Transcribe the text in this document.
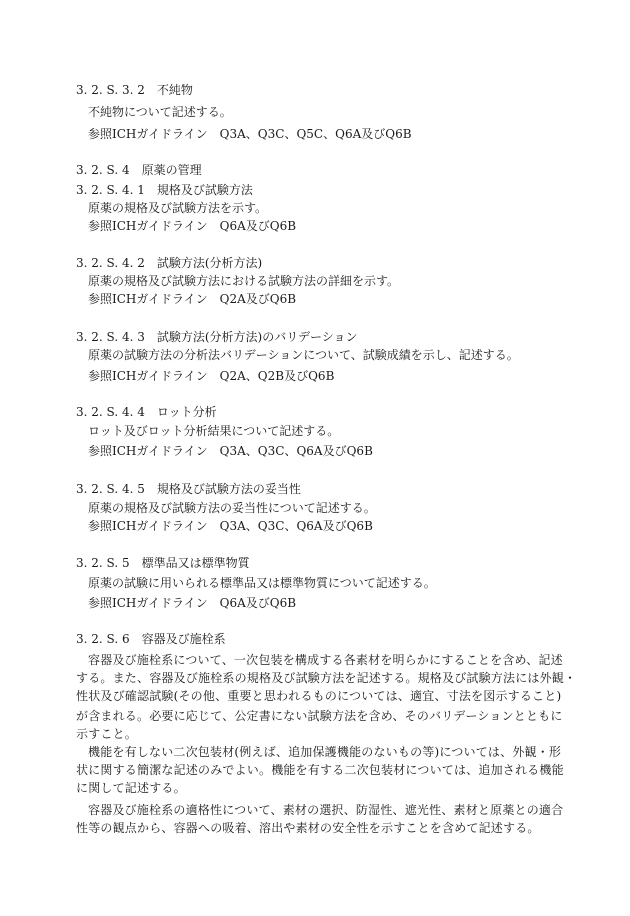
3. 2. S. 3. 2　不純物
不純物について記述する。
参照ICHガイドライン　Q3A、Q3C、Q5C、Q6A及びQ6B
3. 2. S. 4　原薬の管理
3. 2. S. 4. 1　規格及び試験方法
原薬の規格及び試験方法を示す。
参照ICHガイドライン　Q6A及びQ6B
3. 2. S. 4. 2　試験方法(分析方法)
原薬の規格及び試験方法における試験方法の詳細を示す。
参照ICHガイドライン　Q2A及びQ6B
3. 2. S. 4. 3　試験方法(分析方法)のバリデーション
原薬の試験方法の分析法バリデーションについて、試験成績を示し、記述する。
参照ICHガイドライン　Q2A、Q2B及びQ6B
3. 2. S. 4. 4　ロット分析
ロット及びロット分析結果について記述する。
参照ICHガイドライン　Q3A、Q3C、Q6A及びQ6B
3. 2. S. 4. 5　規格及び試験方法の妥当性
原薬の規格及び試験方法の妥当性について記述する。
参照ICHガイドライン　Q3A、Q3C、Q6A及びQ6B
3. 2. S. 5　標準品又は標準物質
原薬の試験に用いられる標準品又は標準物質について記述する。
参照ICHガイドライン　Q6A及びQ6B
3. 2. S. 6　容器及び施栓系
容器及び施栓系について、一次包装を構成する各素材を明らかにすることを含め、記述
する。また、容器及び施栓系の規格及び試験方法を記述する。規格及び試験方法には外観・
性状及び確認試験(その他、重要と思われるものについては、適宜、寸法を図示すること)
が含まれる。必要に応じて、公定書にない試験方法を含め、そのバリデーションとともに
示すこと。
機能を有しない二次包装材(例えば、追加保護機能のないもの等)については、外観・形
状に関する簡潔な記述のみでよい。機能を有する二次包装材については、追加される機能
に関して記述する。
容器及び施栓系の適格性について、素材の選択、防湿性、遮光性、素材と原薬との適合
性等の観点から、容器への吸着、溶出や素材の安全性を示すことを含めて記述する。
